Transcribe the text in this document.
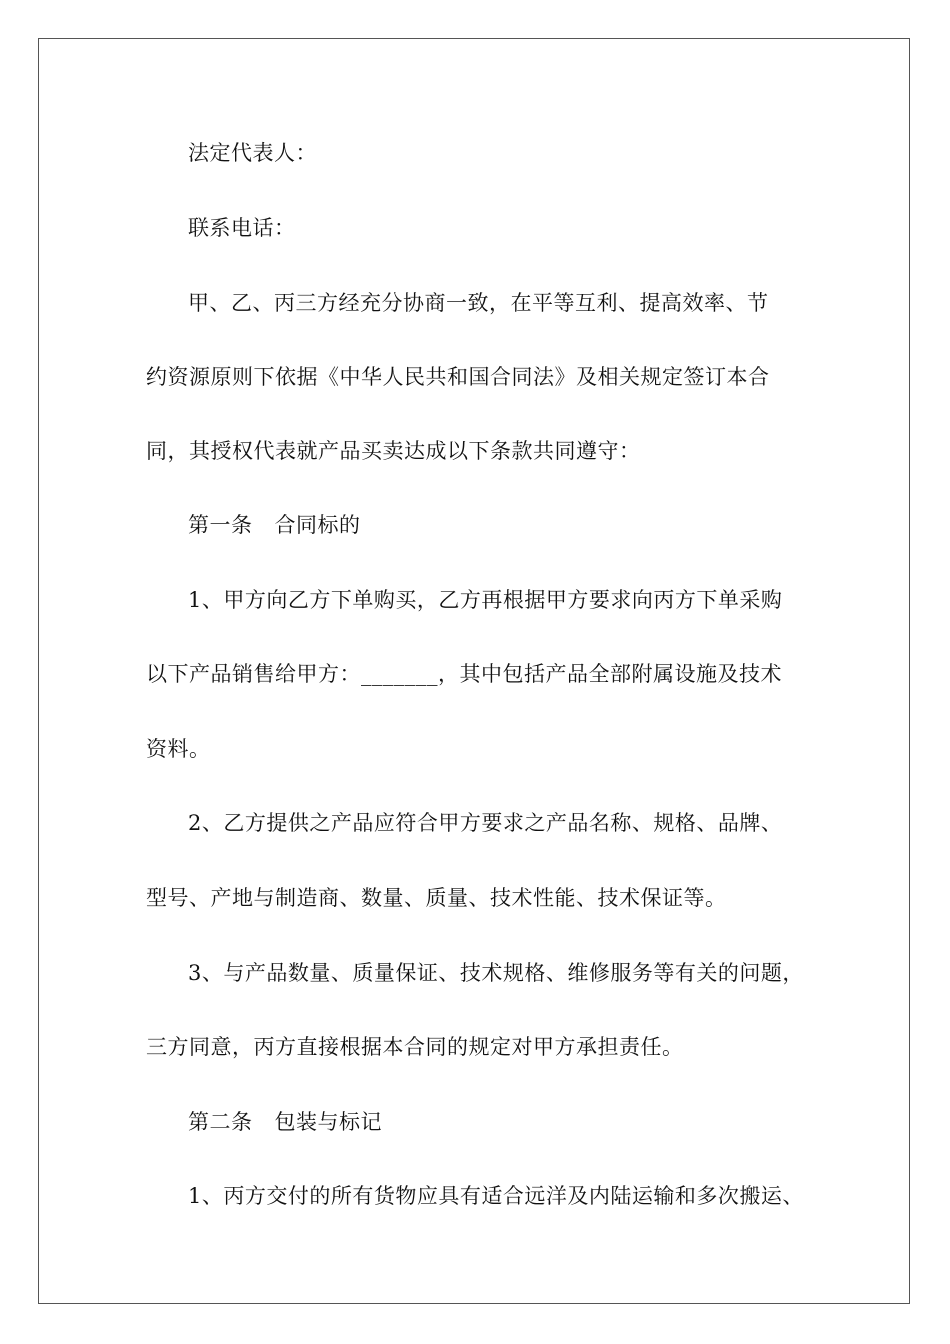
法定代表人：
联系电话：
甲、乙、丙三方经充分协商一致，在平等互利、提高效率、节
约资源原则下依据《中华人民共和国合同法》及相关规定签订本合
同，其授权代表就产品买卖达成以下条款共同遵守：
第一条 合同标的
1、甲方向乙方下单购买，乙方再根据甲方要求向丙方下单采购
以下产品销售给甲方：_______，其中包括产品全部附属设施及技术
资料。
2、乙方提供之产品应符合甲方要求之产品名称、规格、品牌、
型号、产地与制造商、数量、质量、技术性能、技术保证等。
3、与产品数量、质量保证、技术规格、维修服务等有关的问题，
三方同意，丙方直接根据本合同的规定对甲方承担责任。
第二条 包装与标记
1、丙方交付的所有货物应具有适合远洋及内陆运输和多次搬运、
